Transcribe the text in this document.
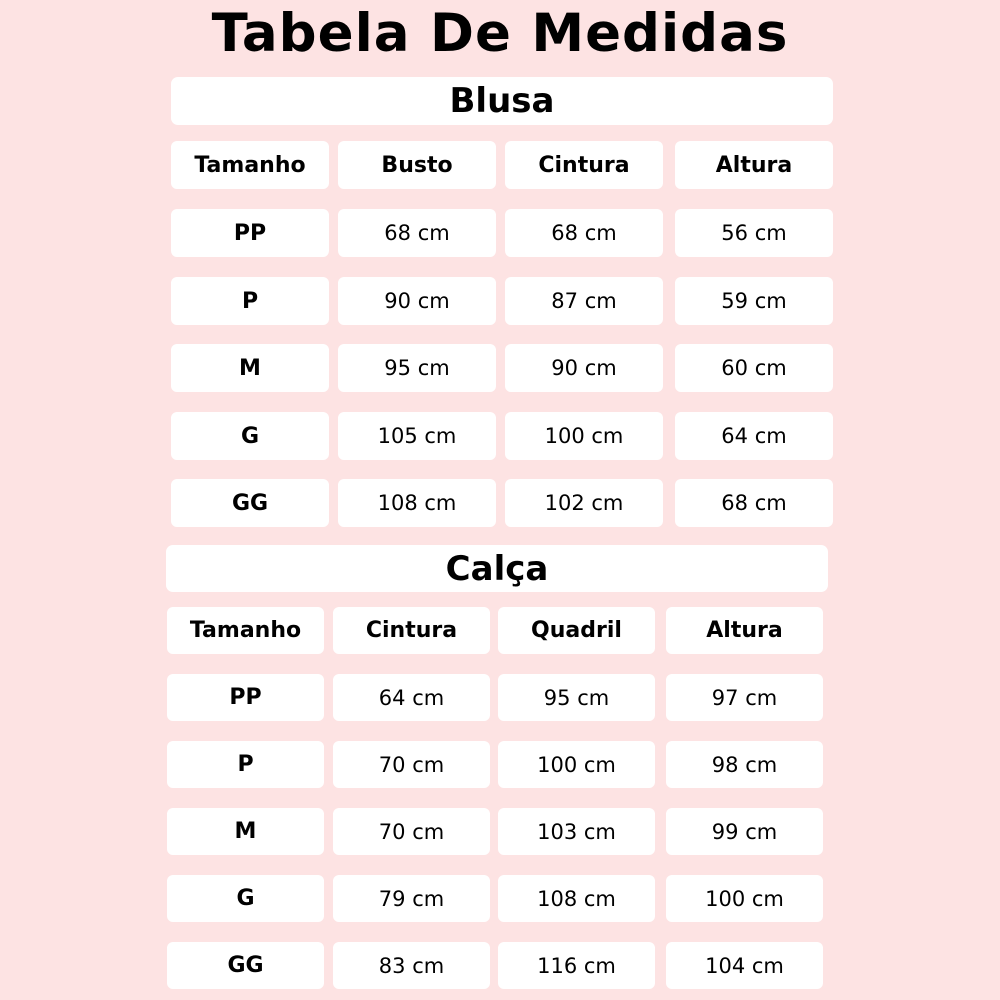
Tabela De Medidas
Blusa
Tamanho	Busto	Cintura	Altura
PP	68 cm	68 cm	56 cm
P	90 cm	87 cm	59 cm
M	95 cm	90 cm	60 cm
G	105 cm	100 cm	64 cm
GG	108 cm	102 cm	68 cm
Calça
Tamanho	Cintura	Quadril	Altura
PP	64 cm	95 cm	97 cm
P	70 cm	100 cm	98 cm
M	70 cm	103 cm	99 cm
G	79 cm	108 cm	100 cm
GG	83 cm	116 cm	104 cm
